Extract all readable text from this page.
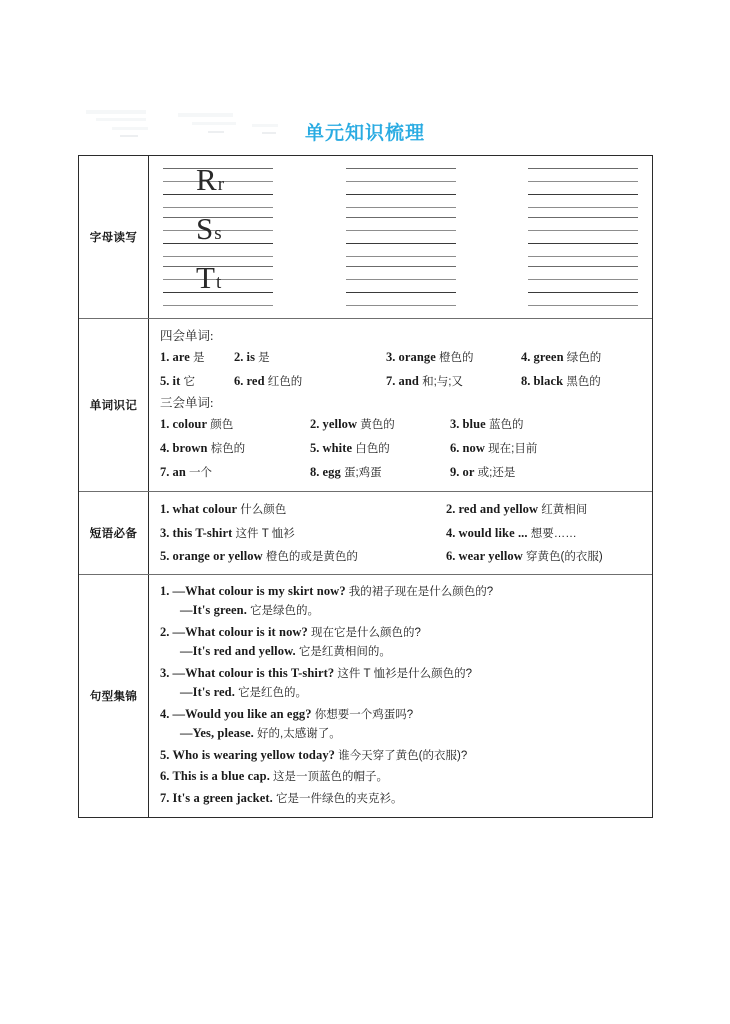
单元知识梳理
字母读写
Rr
Ss
Tt
单词识记
四会单词:
1. are 是	2. is 是	3. orange 橙色的	4. green 绿色的
5. it 它	6. red 红色的	7. and 和;与;又	8. black 黑色的
三会单词:
1. colour 颜色	2. yellow 黄色的	3. blue 蓝色的
4. brown 棕色的	5. white 白色的	6. now 现在;目前
7. an 一个	8. egg 蛋;鸡蛋	9. or 或;还是
短语必备
1. what colour 什么颜色	2. red and yellow 红黄相间
3. this T-shirt 这件 T 恤衫	4. would like ... 想要……
5. orange or yellow 橙色的或是黄色的	6. wear yellow 穿黄色(的衣服)
句型集锦
1. —What colour is my skirt now? 我的裙子现在是什么颜色的?
—It's green. 它是绿色的。
2. —What colour is it now? 现在它是什么颜色的?
—It's red and yellow. 它是红黄相间的。
3. —What colour is this T-shirt? 这件 T 恤衫是什么颜色的?
—It's red. 它是红色的。
4. —Would you like an egg? 你想要一个鸡蛋吗?
—Yes, please. 好的,太感谢了。
5. Who is wearing yellow today? 谁今天穿了黄色(的衣服)?
6. This is a blue cap. 这是一顶蓝色的帽子。
7. It's a green jacket. 它是一件绿色的夹克衫。
